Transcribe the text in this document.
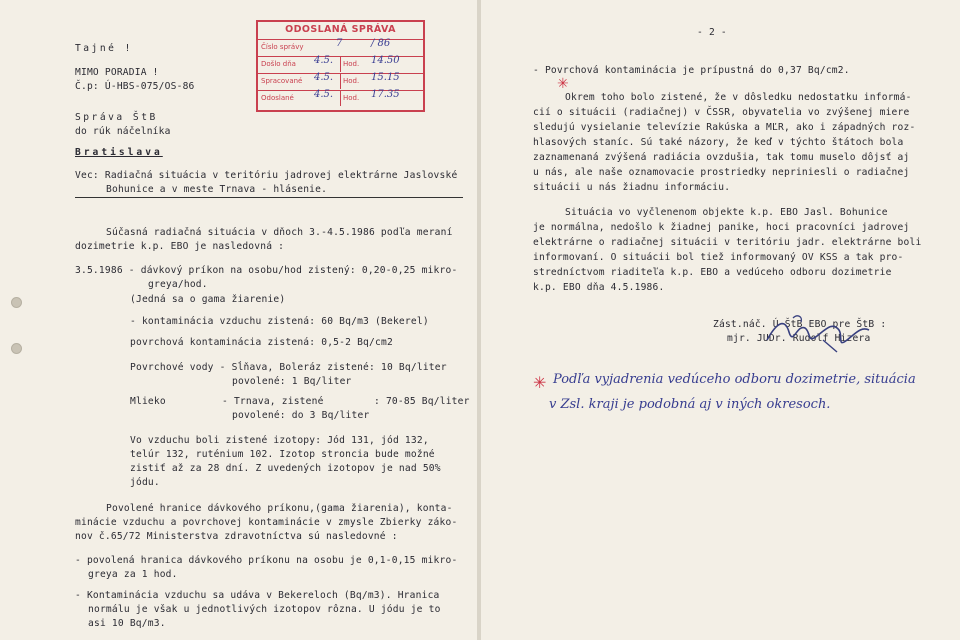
Tajné !
MIMO PORADIA !
Č.p: Ú-HBS-075/OS-86
Správa ŠtB
do rúk náčelníka
Bratislava
Vec: Radiačná situácia v teritóriu jadrovej elektrárne Jaslovské
Bohunice a v meste Trnava - hlásenie.
Súčasná radiačná situácia v dňoch 3.-4.5.1986 podľa meraní
dozimetrie k.p. EBO je nasledovná :
3.5.1986 - dávkový príkon na osobu/hod zistený: 0,20-0,25 mikro-
greya/hod.
(Jedná sa o gama žiarenie)
- kontaminácia vzduchu zistená: 60 Bq/m3 (Bekerel)
povrchová kontaminácia zistená: 0,5-2 Bq/cm2
Povrchové vody - Sĺňava, Boleráz zistené: 10 Bq/liter
povolené: 1 Bq/liter
Mlieko	- Trnava, zistené	: 70-85 Bq/liter
povolené: do 3 Bq/liter
Vo vzduchu boli zistené izotopy: Jód 131, jód 132,
telúr 132, ruténium 102. Izotop stroncia bude možné
zistiť až za 28 dní. Z uvedených izotopov je nad 50%
jódu.
Povolené hranice dávkového príkonu,(gama žiarenia), konta-
minácie vzduchu a povrchovej kontaminácie v zmysle Zbierky záko-
nov č.65/72 Ministerstva zdravotníctva sú nasledovné :
- povolená hranica dávkového príkonu na osobu je 0,1-0,15 mikro-
greya za 1 hod.
- Kontaminácia vzduchu sa udáva v Bekereloch (Bq/m3). Hranica
normálu je však u jednotlivých izotopov rôzna. U jódu je to
asi 10 Bq/m3.
ODOSLANÁ SPRÁVA
Číslo správy	7	/ 86
Došlo dňa 4.5. Hod. 14.50
Spracované 4.5. Hod. 15.15
Odoslané 4.5. Hod. 17.35
- 2 -
- Povrchová kontaminácia je prípustná do 0,37 Bq/cm2.
✳
Okrem toho bolo zistené, že v dôsledku nedostatku informá-
cií o situácii (radiačnej) v ČSSR, obyvatelia vo zvýšenej miere
sledujú vysielanie televízie Rakúska a MĽR, ako i západných roz-
hlasových staníc. Sú také názory, že keď v týchto štátoch bola
zaznamenaná zvýšená radiácia ovzdušia, tak tomu muselo dôjsť aj
u nás, ale naše oznamovacie prostriedky nepriniesli o radiačnej
situácii u nás žiadnu informáciu.
Situácia vo vyčlenenom objekte k.p. EBO Jasl. Bohunice
je normálna, nedošlo k žiadnej panike, hoci pracovníci jadrovej
elektrárne o radiačnej situácii v teritóriu jadr. elektrárne boli
informovaní. O situácii bol tiež informovaný OV KSS a tak pro-
stredníctvom riaditeľa k.p. EBO a vedúceho odboru dozimetrie
k.p. EBO dňa 4.5.1986.
Zást.náč. Ú-ŠtB EBO pre ŠtB :
mjr. JUDr. Rudolf Hizera
✳ Podľa vyjadrenia vedúceho odboru dozimetrie, situácia
v Zsl. kraji je podobná aj v iných okresoch.
